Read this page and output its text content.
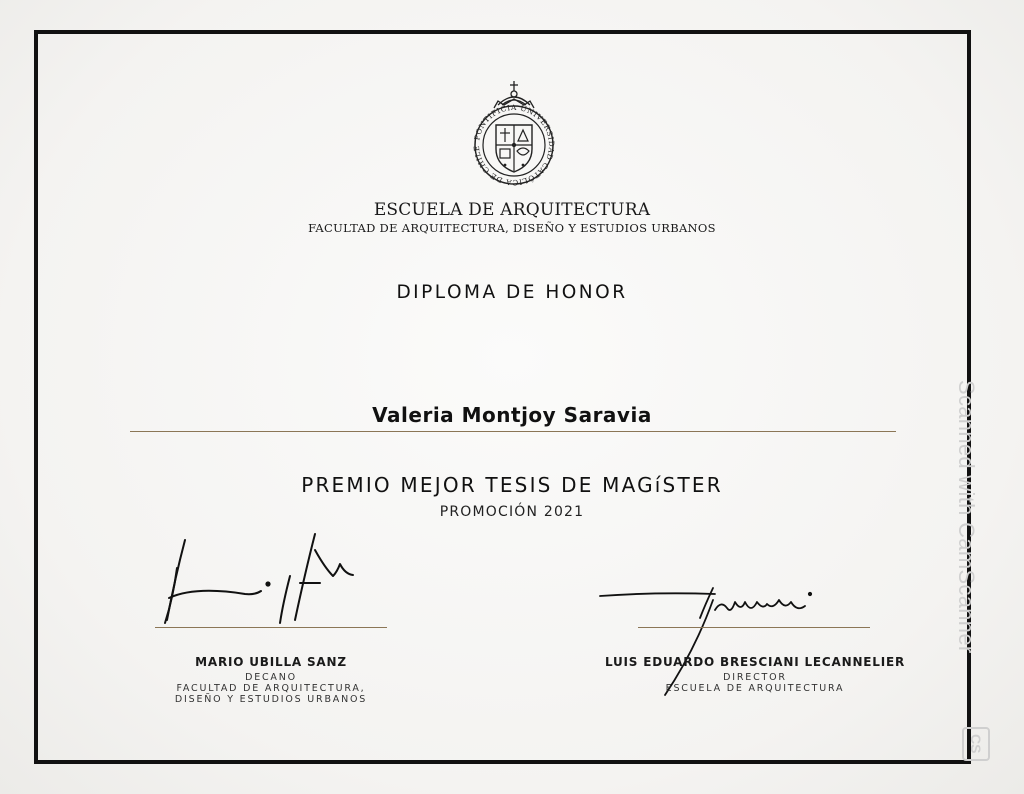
PONTIFICIA UNIVERSIDAD CATÓLICA DE CHILE
ESCUELA DE ARQUITECTURA
FACULTAD DE ARQUITECTURA, DISEÑO Y ESTUDIOS URBANOS
DIPLOMA DE HONOR
Valeria Montjoy Saravia
PREMIO MEJOR TESIS DE MAGíSTER
PROMOCIÓN 2021
MARIO UBILLA SANZ
DECANO
FACULTAD DE ARQUITECTURA,
DISEÑO Y ESTUDIOS URBANOS
LUIS EDUARDO BRESCIANI LECANNELIER
DIRECTOR
ESCUELA DE ARQUITECTURA
Scanned with CamScanner
CS
